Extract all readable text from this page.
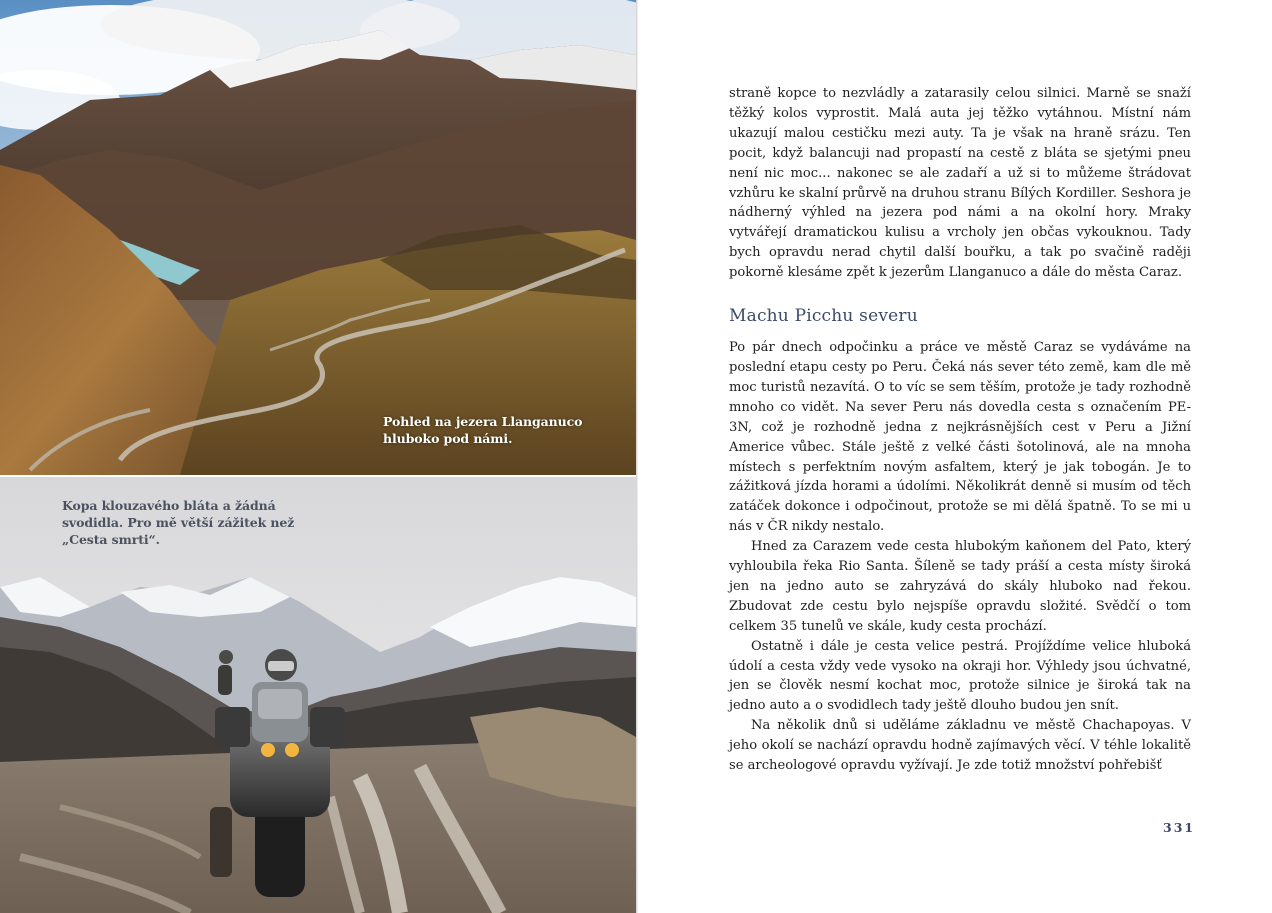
Pohled na jezera Llanganuco hluboko pod námi.
Kopa klouzavého bláta a žádná svodidla. Pro mě větší zážitek než „Cesta smrti“.

straně kopce to nezvládly a zatarasily celou silnici. Marně se snaží těžký kolos vyprostit. Malá auta jej těžko vytáhnou. Místní nám ukazují malou cestičku mezi auty. Ta je však na hraně srázu. Ten pocit, když balancuji nad propastí na cestě z bláta se sjetými pneu není nic moc... nakonec se ale zadaří a už si to můžeme štrádovat vzhůru ke skalní průrvě na druhou stranu Bílých Kordiller. Seshora je nádherný výhled na jezera pod námi a na okolní hory. Mraky vytvářejí dramatickou kulisu a vrcholy jen občas vykouknou. Tady bych opravdu nerad chytil další bouřku, a tak po svačině raději pokorně klesáme zpět k jezerům Llanganuco a dále do města Caraz.

Machu Picchu severu

Po pár dnech odpočinku a práce ve městě Caraz se vydáváme na poslední etapu cesty po Peru. Čeká nás sever této země, kam dle mě moc turistů nezavítá. O to víc se sem těším, protože je tady rozhodně mnoho co vidět. Na sever Peru nás dovedla cesta s označením PE-3N, což je rozhodně jedna z nejkrásnějších cest v Peru a Jižní Americe vůbec. Stále ještě z velké části šotolinová, ale na mnoha místech s perfektním novým asfaltem, který je jak tobogán. Je to zážitková jízda horami a údolími. Několikrát denně si musím od těch zatáček dokonce i odpočinout, protože se mi dělá špatně. To se mi u nás v ČR nikdy nestalo.

Hned za Carazem vede cesta hlubokým kaňonem del Pato, který vyhloubila řeka Rio Santa. Šíleně se tady práší a cesta místy široká jen na jedno auto se zahryzává do skály hluboko nad řekou. Zbudovat zde cestu bylo nejspíše opravdu složité. Svědčí o tom celkem 35 tunelů ve skále, kudy cesta prochází.

Ostatně i dále je cesta velice pestrá. Projíždíme velice hluboká údolí a cesta vždy vede vysoko na okraji hor. Výhledy jsou úchvatné, jen se člověk nesmí kochat moc, protože silnice je široká tak na jedno auto a o svodidlech tady ještě dlouho budou jen snít.

Na několik dnů si uděláme základnu ve městě Chachapoyas. V jeho okolí se nachází opravdu hodně zajímavých věcí. V téhle lokalitě se archeologové opravdu vyžívají. Je zde totiž množství pohřebišť

331
